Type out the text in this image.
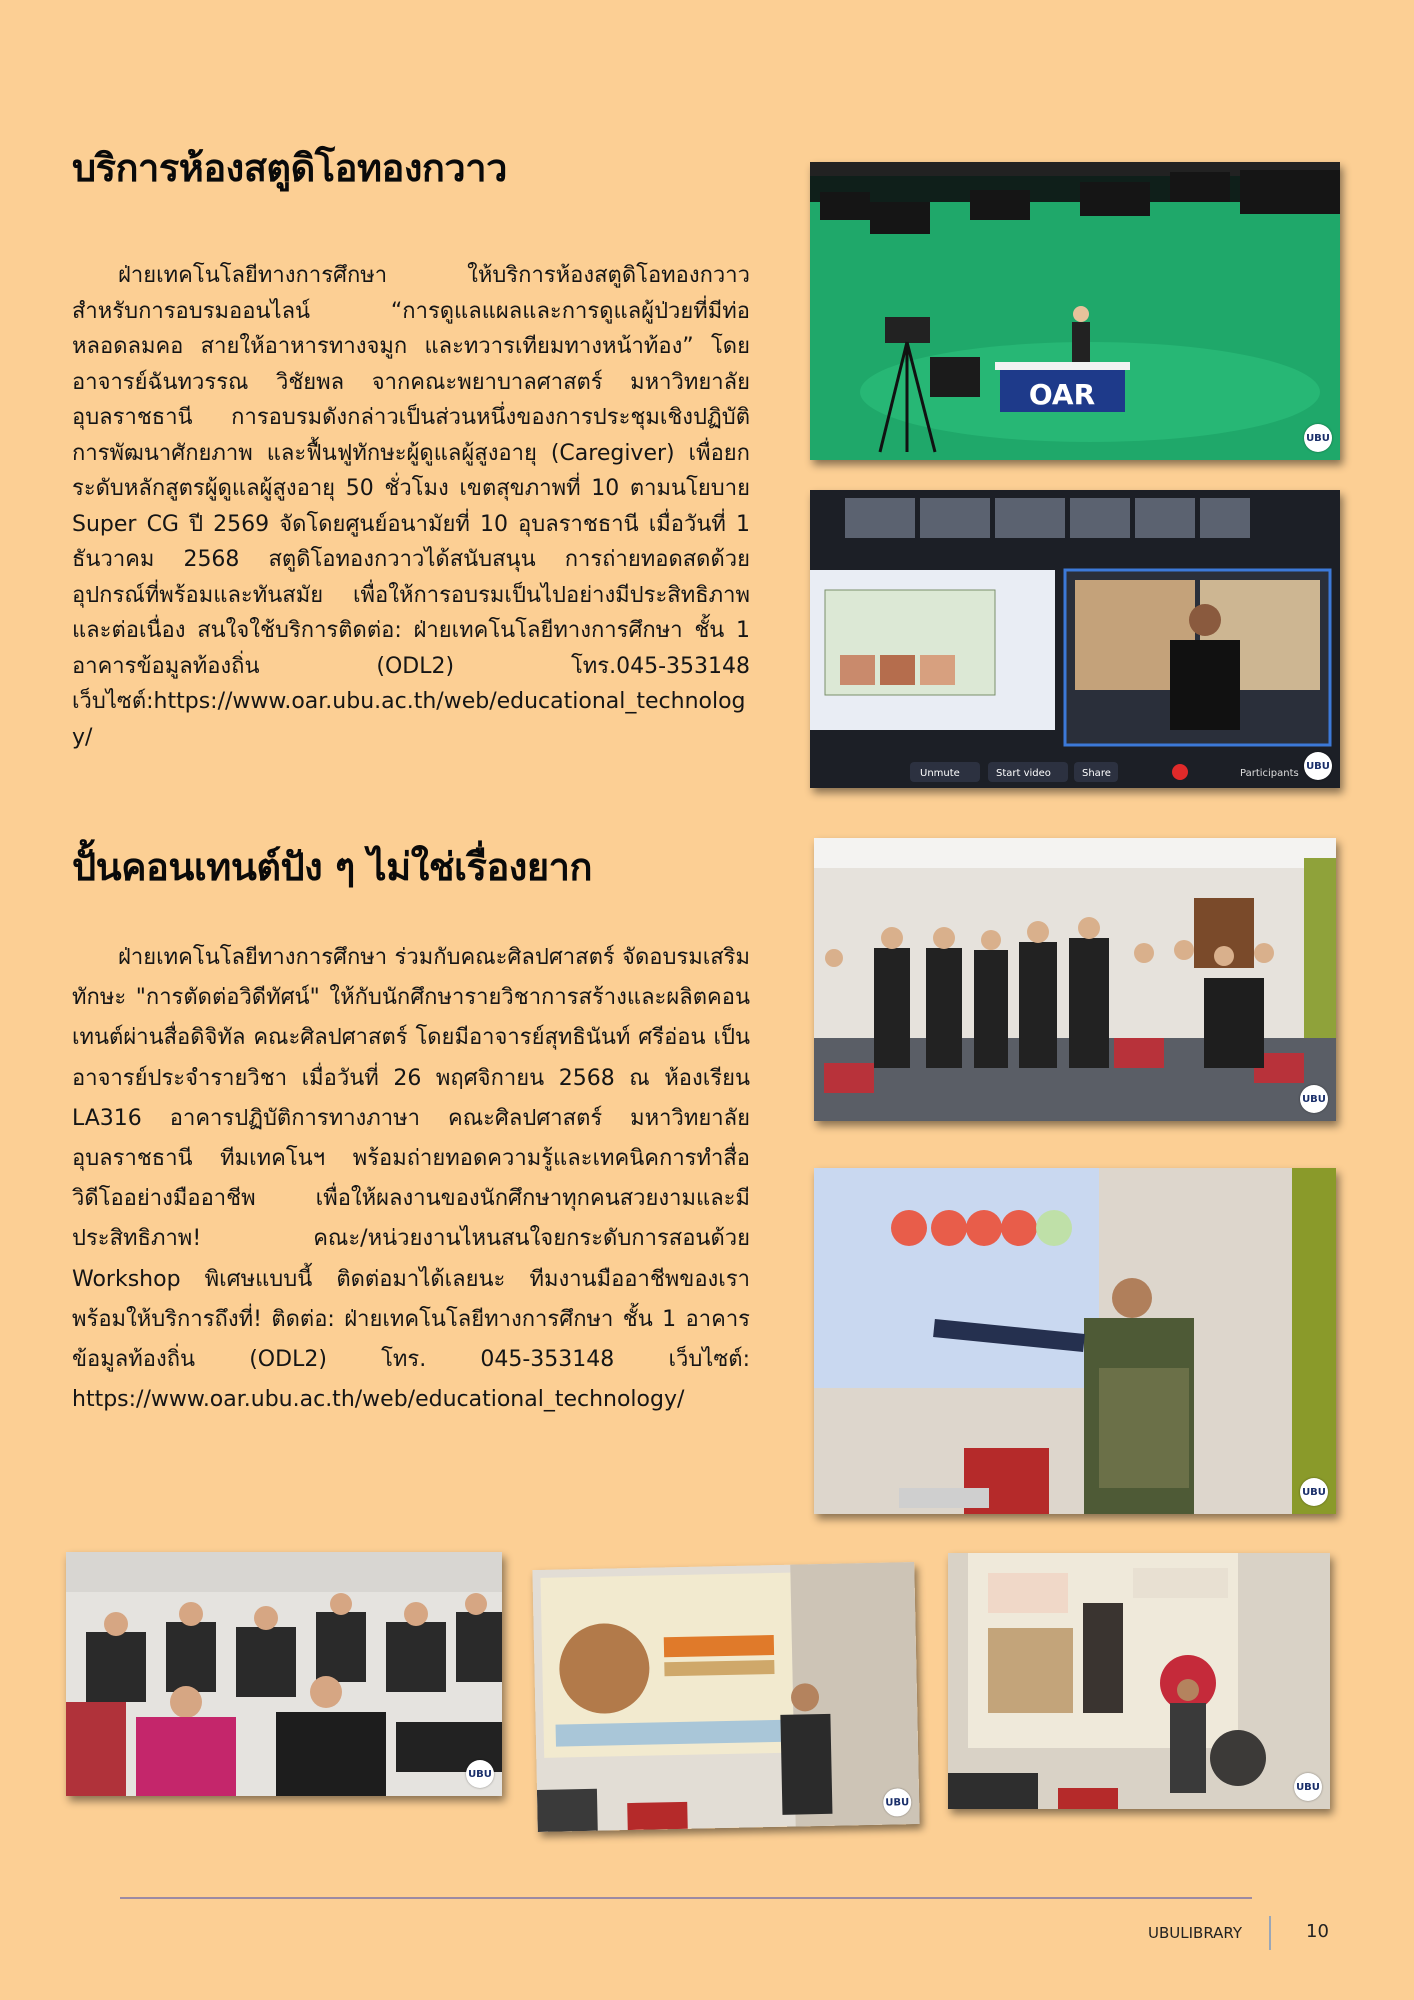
บริการห้องสตูดิโอทองกวาว

ฝ่ายเทคโนโลยีทางการศึกษา ให้บริการห้องสตูดิโอทองกวาว สำหรับการอบรมออนไลน์ “การดูแลแผลและการดูแลผู้ป่วยที่มีท่อหลอดลมคอ สายให้อาหารทางจมูก และทวารเทียมทางหน้าท้อง” โดย อาจารย์ฉันทวรรณ วิชัยพล จากคณะพยาบาลศาสตร์ มหาวิทยาลัยอุบลราชธานี การอบรมดังกล่าวเป็นส่วนหนึ่งของการประชุมเชิงปฏิบัติการพัฒนาศักยภาพ และฟื้นฟูทักษะผู้ดูแลผู้สูงอายุ (Caregiver) เพื่อยกระดับหลักสูตรผู้ดูแลผู้สูงอายุ 50 ชั่วโมง เขตสุขภาพที่ 10 ตามนโยบาย Super CG ปี 2569 จัดโดยศูนย์อนามัยที่ 10 อุบลราชธานี เมื่อวันที่ 1 ธันวาคม 2568 สตูดิโอทองกวาวได้สนับสนุน การถ่ายทอดสดด้วยอุปกรณ์ที่พร้อมและทันสมัย เพื่อให้การอบรมเป็นไปอย่างมีประสิทธิภาพและต่อเนื่อง สนใจใช้บริการติดต่อ: ฝ่ายเทคโนโลยีทางการศึกษา ชั้น 1 อาคารข้อมูลท้องถิ่น (ODL2) โทร.045-353148 เว็บไซต์:https://www.oar.ubu.ac.th/web/educational_technology/

OAR
UBU
Unmute	Start video	Share	Participants
UBU
ปั้นคอนเทนต์ปัง ๆ ไม่ใช่เรื่องยาก

ฝ่ายเทคโนโลยีทางการศึกษา ร่วมกับคณะศิลปศาสตร์ จัดอบรมเสริมทักษะ "การตัดต่อวิดีทัศน์" ให้กับนักศึกษารายวิชาการสร้างและผลิตคอนเทนต์ผ่านสื่อดิจิทัล คณะศิลปศาสตร์ โดยมีอาจารย์สุทธินันท์ ศรีอ่อน เป็นอาจารย์ประจำรายวิชา เมื่อวันที่ 26 พฤศจิกายน 2568 ณ ห้องเรียน LA316 อาคารปฏิบัติการทางภาษา คณะศิลปศาสตร์ มหาวิทยาลัยอุบลราชธานี ทีมเทคโนฯ พร้อมถ่ายทอดความรู้และเทคนิคการทำสื่อวิดีโออย่างมืออาชีพ เพื่อให้ผลงานของนักศึกษาทุกคนสวยงามและมีประสิทธิภาพ! คณะ/หน่วยงานไหนสนใจยกระดับการสอนด้วย Workshop พิเศษแบบนี้ ติดต่อมาได้เลยนะ ทีมงานมืออาชีพของเราพร้อมให้บริการถึงที่! ติดต่อ: ฝ่ายเทคโนโลยีทางการศึกษา ชั้น 1 อาคารข้อมูลท้องถิ่น (ODL2) โทร. 045-353148 เว็บไซต์: https://www.oar.ubu.ac.th/web/educational_technology/

UBU
UBU
UBU
UBU
UBU
UBULIBRARY	10
